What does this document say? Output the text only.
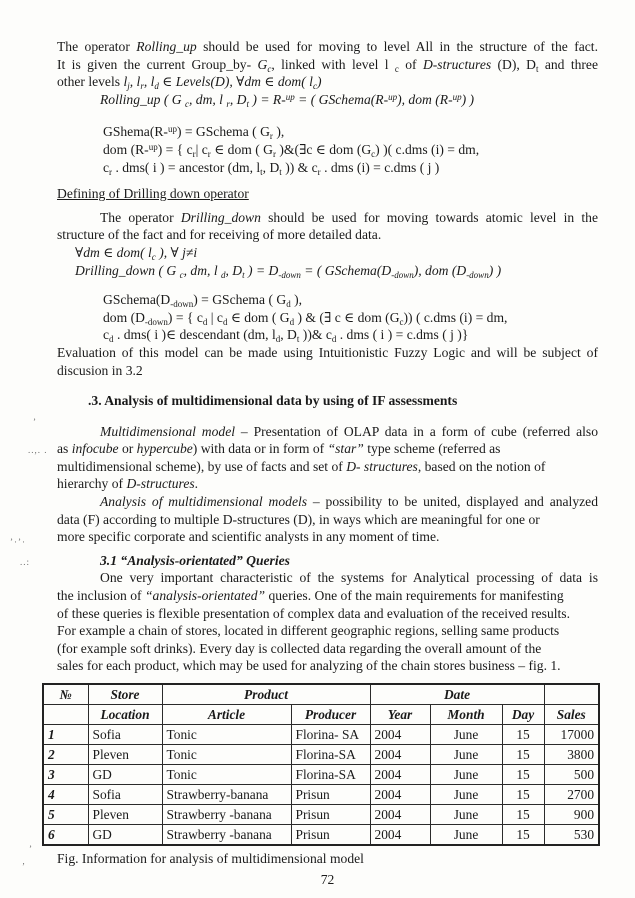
The operator Rolling_up should be used for moving to level All in the structure of the fact.
It is given the current Group_by- $G_c$, linked with level l $_c$ of D-structures (D), $D_t$ and three
other levels $l_j$, $l_r$, $l_d$ ∈ Levels(D), ∀dm ∈ dom( $l_c$)
Rolling_up ( G $_c$, dm, l $_r$, $D_t$ ) = R-$^{up}$ = ( GSchema(R-$^{up}$), dom (R-$^{up}$) )
GShema(R-$^{up}$) = GSchema ( $G_r$ ),
dom (R-$^{up}$) = { $c_r|$ $c_r$ ∈ dom ( $G_r$ )&(∃c ∈ dom $(G_c)$ )( c.dms (i) = dm,
$c_r$ . dms( i ) = ancestor (dm, $l_t$, $D_t$ )) & $c_r$ . dms (i) = c.dms ( j )
Defining of Drilling down operator
The operator Drilling_down should be used for moving towards atomic level in the
structure of the fact and for receiving of more detailed data.
∀dm ∈ dom( $l_c$ ), ∀ j≠i
Drilling_down ( G $_c$, dm, l $_d$, $D_t$ ) = $D_{-down}$ = ( $GSchema(D_{-down})$, dom $(D_{-down})$ )
$GSchema(D_{-down})$ = GSchema ( $G_d$ ),
dom $(D_{-down})$ = { $c_d$ | $c_d$ ∈ dom ( $G_d$ ) & (∃ c ∈ dom $(G_c)$) ( c.dms (i) = dm,
$c_d$ . dms( i )∈ descendant (dm, $l_d$, $D_t$ ))& $c_d$ . dms ( i ) = c.dms ( j )}
Evaluation of this model can be made using Intuitionistic Fuzzy Logic and will be subject of
discusion in 3.2
.3. Analysis of multidimensional data by using of IF assessments
Multidimensional model – Presentation of OLAP data in a form of cube (referred also
as infocube or hypercube) with data or in form of “star” type scheme (referred as
multidimensional scheme), by use of facts and set of D- structures, based on the notion of
hierarchy of D-structures.
Analysis of multidimensional models – possibility to be united, displayed and analyzed
data (F) according to multiple D-structures (D), in ways which are meaningful for one or
more specific corporate and scientific analysts in any moment of time.
3.1 “Analysis-orientated” Queries
One very important characteristic of the systems for Analytical processing of data is
the inclusion of “analysis-orientated” queries. One of the main requirements for manifesting
of these queries is flexible presentation of complex data and evaluation of the received results.
For example a chain of stores, located in different geographic regions, selling same products
(for example soft drinks). Every day is collected data regarding the overall amount of the
sales for each product, which may be used for analyzing of the chain stores business – fig. 1.
№	Store	Product		Date			
	Location	Article	Producer	Year	Month	Day	Sales
1	Sofia	Tonic	Florina- SA	2004	June	15	17000
2	Pleven	Tonic	Florina-SA	2004	June	15	3800
3	GD	Tonic	Florina-SA	2004	June	15	500
4	Sofia	Strawberry-banana	Prisun	2004	June	15	2700
5	Pleven	Strawberry -banana	Prisun	2004	June	15	900
6	GD	Strawberry -banana	Prisun	2004	June	15	530
Fig. Information for analysis of multidimensional model
72
’
..,. .
’·’·
..:
’
‚
